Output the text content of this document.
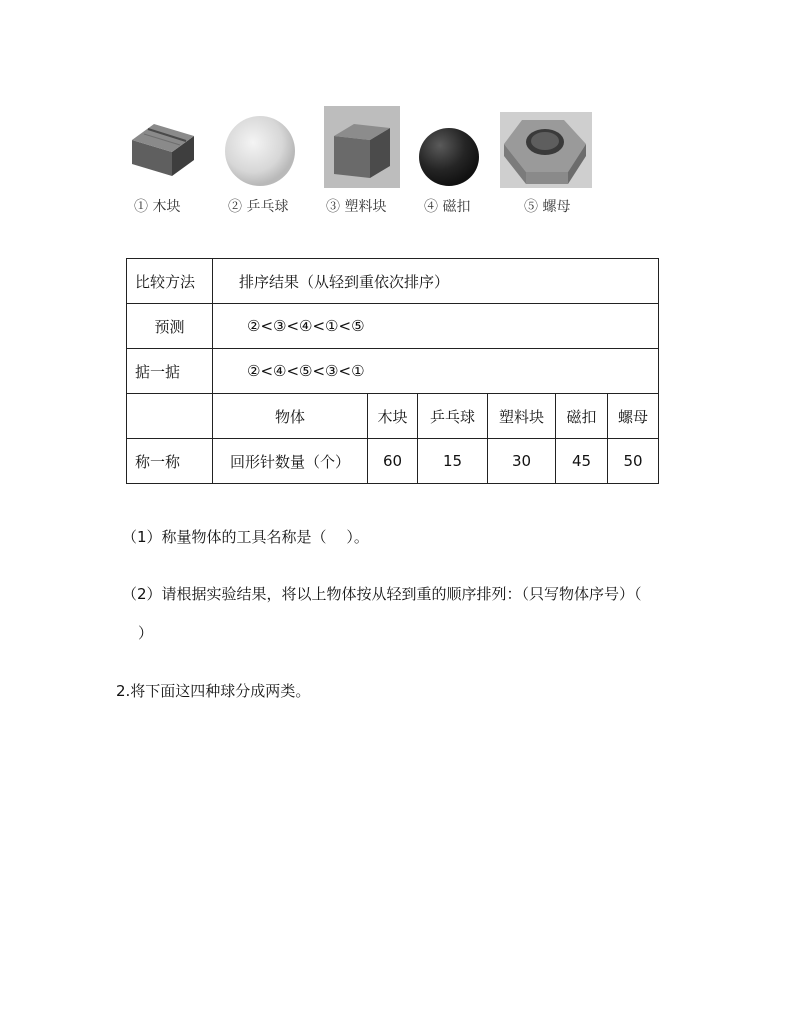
① 木块	② 乒乓球	③ 塑料块	④ 磁扣	⑤ 螺母
比较方法	排序结果（从轻到重依次排序）					
预测	②<③<④<①<⑤					
掂一掂	②<④<⑤<③<①					
	物体	木块	乒乓球	塑料块	磁扣	螺母
称一称	回形针数量（个）	60	15	30	45	50
（1）称量物体的工具名称是（　 ）。
（2）请根据实验结果，将以上物体按从轻到重的顺序排列：（只写物体序号）（
）
2.将下面这四种球分成两类。
